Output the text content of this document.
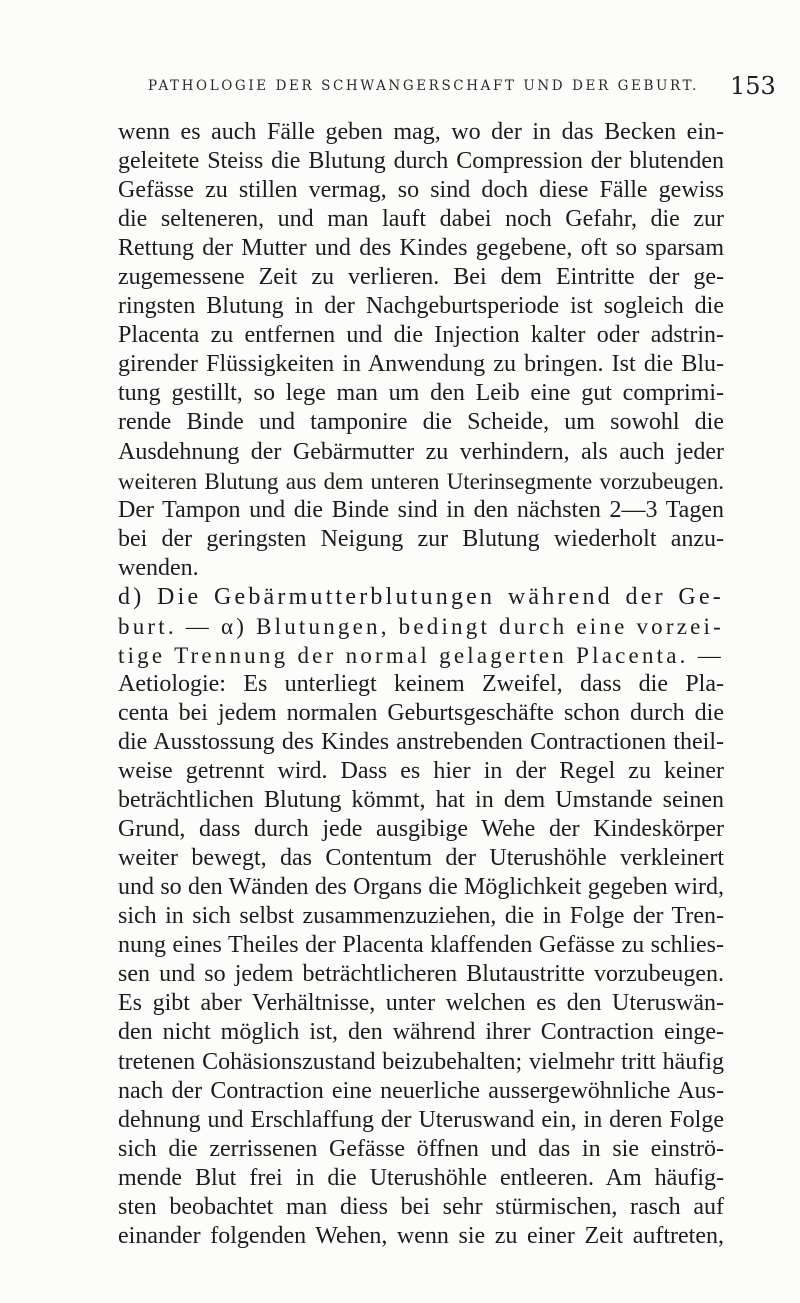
PATHOLOGIE DER SCHWANGERSCHAFT UND DER GEBURT. 153
wenn es auch Fälle geben mag, wo der in das Becken ein-
geleitete Steiss die Blutung durch Compression der blutenden
Gefässe zu stillen vermag, so sind doch diese Fälle gewiss
die selteneren, und man lauft dabei noch Gefahr, die zur
Rettung der Mutter und des Kindes gegebene, oft so sparsam
zugemessene Zeit zu verlieren. Bei dem Eintritte der ge-
ringsten Blutung in der Nachgeburtsperiode ist sogleich die
Placenta zu entfernen und die Injection kalter oder adstrin-
girender Flüssigkeiten in Anwendung zu bringen. Ist die Blu-
tung gestillt, so lege man um den Leib eine gut comprimi-
rende Binde und tamponire die Scheide, um sowohl die
Ausdehnung der Gebärmutter zu verhindern, als auch jeder
weiteren Blutung aus dem unteren Uterinsegmente vorzubeugen.
Der Tampon und die Binde sind in den nächsten 2—3 Tagen
bei der geringsten Neigung zur Blutung wiederholt anzu-
wenden.
d) Die Gebärmutterblutungen während der Ge-
burt. — α) Blutungen, bedingt durch eine vorzei-
tige Trennung der normal gelagerten Placenta. —
Aetiologie: Es unterliegt keinem Zweifel, dass die Pla-
centa bei jedem normalen Geburtsgeschäfte schon durch die
die Ausstossung des Kindes anstrebenden Contractionen theil-
weise getrennt wird. Dass es hier in der Regel zu keiner
beträchtlichen Blutung kömmt, hat in dem Umstande seinen
Grund, dass durch jede ausgibige Wehe der Kindeskörper
weiter bewegt, das Contentum der Uterushöhle verkleinert
und so den Wänden des Organs die Möglichkeit gegeben wird,
sich in sich selbst zusammenzuziehen, die in Folge der Tren-
nung eines Theiles der Placenta klaffenden Gefässe zu schlies-
sen und so jedem beträchtlicheren Blutaustritte vorzubeugen.
Es gibt aber Verhältnisse, unter welchen es den Uteruswän-
den nicht möglich ist, den während ihrer Contraction einge-
tretenen Cohäsionszustand beizubehalten; vielmehr tritt häufig
nach der Contraction eine neuerliche aussergewöhnliche Aus-
dehnung und Erschlaffung der Uteruswand ein, in deren Folge
sich die zerrissenen Gefässe öffnen und das in sie einströ-
mende Blut frei in die Uterushöhle entleeren. Am häufig-
sten beobachtet man diess bei sehr stürmischen, rasch auf
einander folgenden Wehen, wenn sie zu einer Zeit auftreten,
